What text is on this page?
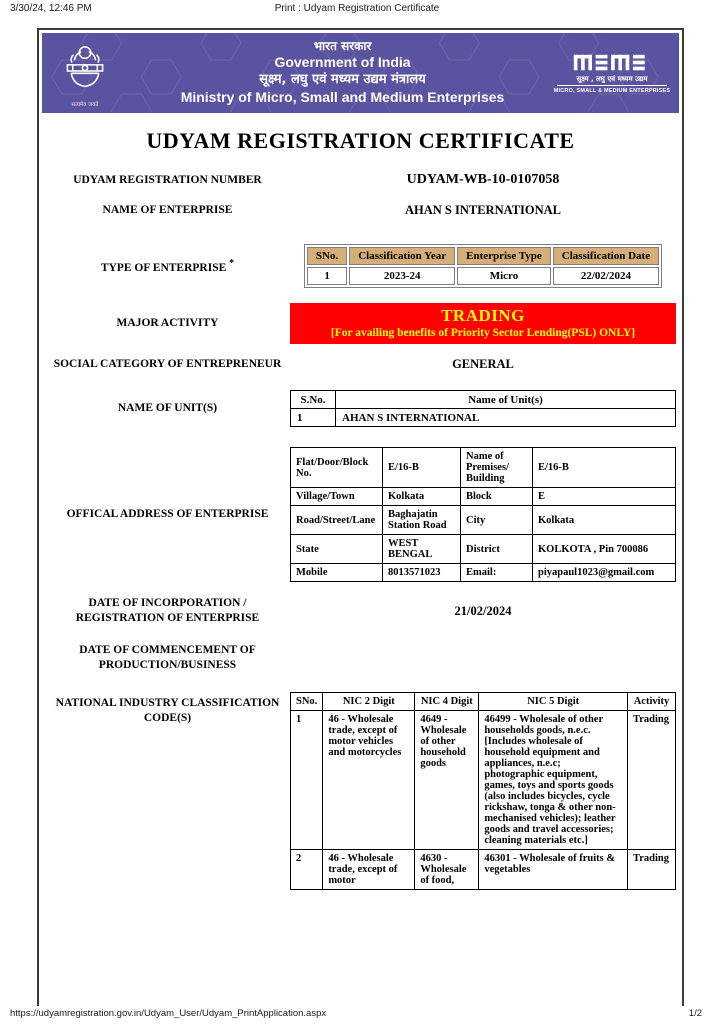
3/30/24, 12:46 PM	Print : Udyam Registration Certificate
सत्यमेव जयते
भारत सरकार
Government of India
सूक्ष्म, लघु एवं मध्यम उद्यम मंत्रालय
Ministry of Micro, Small and Medium Enterprises
सूक्ष्म , लघु एवं मध्यम उद्यम
MICRO, SMALL & MEDIUM ENTERPRISES
UDYAM REGISTRATION CERTIFICATE
UDYAM REGISTRATION NUMBER	UDYAM-WB-10-0107058
NAME OF ENTERPRISE	AHAN S INTERNATIONAL
TYPE OF ENTERPRISE *
SNo.	Classification Year	Enterprise Type	Classification Date
1	2023-24	Micro	22/02/2024
MAJOR ACTIVITY	TRADING
[For availing benefits of Priority Sector Lending(PSL) ONLY]
SOCIAL CATEGORY OF ENTREPRENEUR	GENERAL
NAME OF UNIT(S)
S.No.	Name of Unit(s)
1	AHAN S INTERNATIONAL
OFFICAL ADDRESS OF ENTERPRISE
Flat/Door/Block No.	E/16-B	Name of Premises/ Building	E/16-B
Village/Town	Kolkata	Block	E
Road/Street/Lane	Baghajatin Station Road	City	Kolkata
State	WEST BENGAL	District	KOLKOTA , Pin 700086
Mobile	8013571023	Email:	piyapaul1023@gmail.com
DATE OF INCORPORATION / REGISTRATION OF ENTERPRISE
21/02/2024
DATE OF COMMENCEMENT OF PRODUCTION/BUSINESS
NATIONAL INDUSTRY CLASSIFICATION CODE(S)
SNo.	NIC 2 Digit	NIC 4 Digit	NIC 5 Digit	Activity
1	46 - Wholesale trade, except of motor vehicles and motorcycles	4649 - Wholesale of other household goods	46499 - Wholesale of other households goods, n.e.c. [Includes wholesale of household equipment and appliances, n.e.c; photographic equipment, games, toys and sports goods (also includes bicycles, cycle rickshaw, tonga & other non-mechanised vehicles); leather goods and travel accessories; cleaning materials etc.]	Trading
2	46 - Wholesale trade, except of motor	4630 - Wholesale of food,	46301 - Wholesale of fruits & vegetables	Trading
https://udyamregistration.gov.in/Udyam_User/Udyam_PrintApplication.aspx	1/2
